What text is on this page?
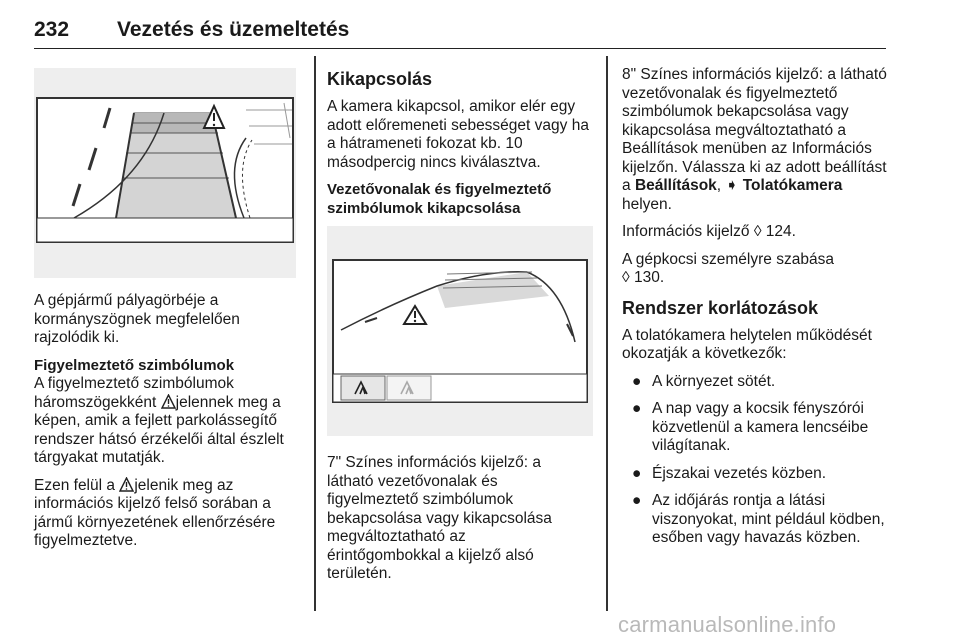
232 Vezetés és üzemeltetés

A gépjármű pályagörbéje a kormányszögnek megfelelően rajzolódik ki.

Figyelmeztető szimbólumok

A figyelmeztető szimbólumok háromszögekként jelennek meg a képen, amik a fejlett parkolássegítő rendszer hátsó érzékelői által észlelt tárgyakat mutatják.

Ezen felül a jelenik meg az információs kijelző felső sorában a jármű környezetének ellenőrzésére figyelmeztetve.

Kikapcsolás

A kamera kikapcsol, amikor elér egy adott előremeneti sebességet vagy ha a hátrameneti fokozat kb. 10 másodpercig nincs kiválasztva.

Vezetővonalak és figyelmeztető szimbólumok kikapcsolása

7" Színes információs kijelző: a látható vezetővonalak és figyelmeztető szimbólumok bekapcsolása vagy kikapcsolása megváltoztatható az érintőgombokkal a kijelző alsó területén.

8" Színes információs kijelző: a látható vezetővonalak és figyelmeztető szimbólumok bekapcsolása vagy kikapcsolása megváltoztatható a Beállítások menüben az Információs kijelzőn. Válassza ki az adott beállítást a Beállítások, ➧ Tolatókamera helyen.

Információs kijelző ◊ 124.

A gépkocsi személyre szabása
◊ 130.

Rendszer korlátozások

A tolatókamera helytelen működését okozatják a következők:

● A környezet sötét.
● A nap vagy a kocsik fényszórói közvetlenül a kamera lencséibe világítanak.
● Éjszakai vezetés közben.
● Az időjárás rontja a látási viszonyokat, mint például ködben, esőben vagy havazás közben.
carmanualsonline.info
